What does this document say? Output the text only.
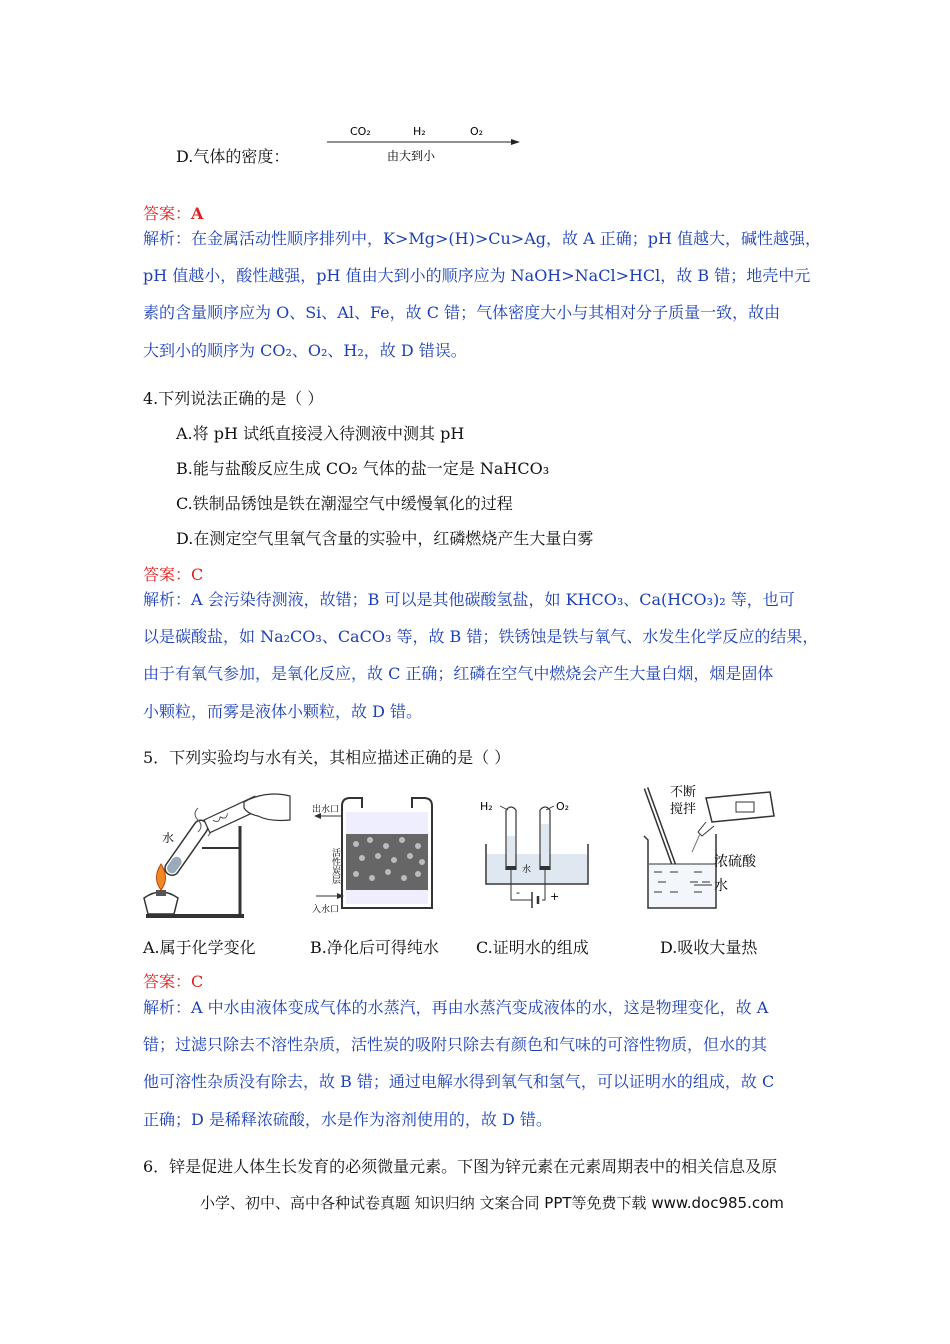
D.气体的密度：
CO₂	H₂	O₂
由大到小
答案：A
解析：在金属活动性顺序排列中，K>Mg>(H)>Cu>Ag，故 A 正确；pH 值越大，碱性越强，
pH 值越小，酸性越强，pH 值由大到小的顺序应为 NaOH>NaCl>HCl，故 B 错；地壳中元
素的含量顺序应为 O、Si、Al、Fe，故 C 错；气体密度大小与其相对分子质量一致，故由
大到小的顺序为 CO₂、O₂、H₂，故 D 错误。
4.下列说法正确的是（ ）
A.将 pH 试纸直接浸入待测液中测其 pH
B.能与盐酸反应生成 CO₂ 气体的盐一定是 NaHCO₃
C.铁制品锈蚀是铁在潮湿空气中缓慢氧化的过程
D.在测定空气里氧气含量的实验中，红磷燃烧产生大量白雾
答案：C
解析：A 会污染待测液，故错；B 可以是其他碳酸氢盐，如 KHCO₃、Ca(HCO₃)₂ 等，也可
以是碳酸盐，如 Na₂CO₃、CaCO₃ 等，故 B 错；铁锈蚀是铁与氧气、水发生化学反应的结果，
由于有氧气参加，是氧化反应，故 C 正确；红磷在空气中燃烧会产生大量白烟，烟是固体
小颗粒，而雾是液体小颗粒，故 D 错。
5．下列实验均与水有关，其相应描述正确的是（ ）
水
出水口
活性炭层
入水口
H₂	O₂
水
-	+
不断
搅拌
浓硫酸
水
A.属于化学变化	B.净化后可得纯水 C.证明水的组成	D.吸收大量热
答案：C
解析：A 中水由液体变成气体的水蒸汽，再由水蒸汽变成液体的水，这是物理变化，故 A
错；过滤只除去不溶性杂质，活性炭的吸附只除去有颜色和气味的可溶性物质，但水的其
他可溶性杂质没有除去，故 B 错；通过电解水得到氧气和氢气，可以证明水的组成，故 C
正确；D 是稀释浓硫酸，水是作为溶剂使用的，故 D 错。
6．锌是促进人体生长发育的必须微量元素。下图为锌元素在元素周期表中的相关信息及原
小学、初中、高中各种试卷真题 知识归纳 文案合同 PPT等免费下载 www.doc985.com
